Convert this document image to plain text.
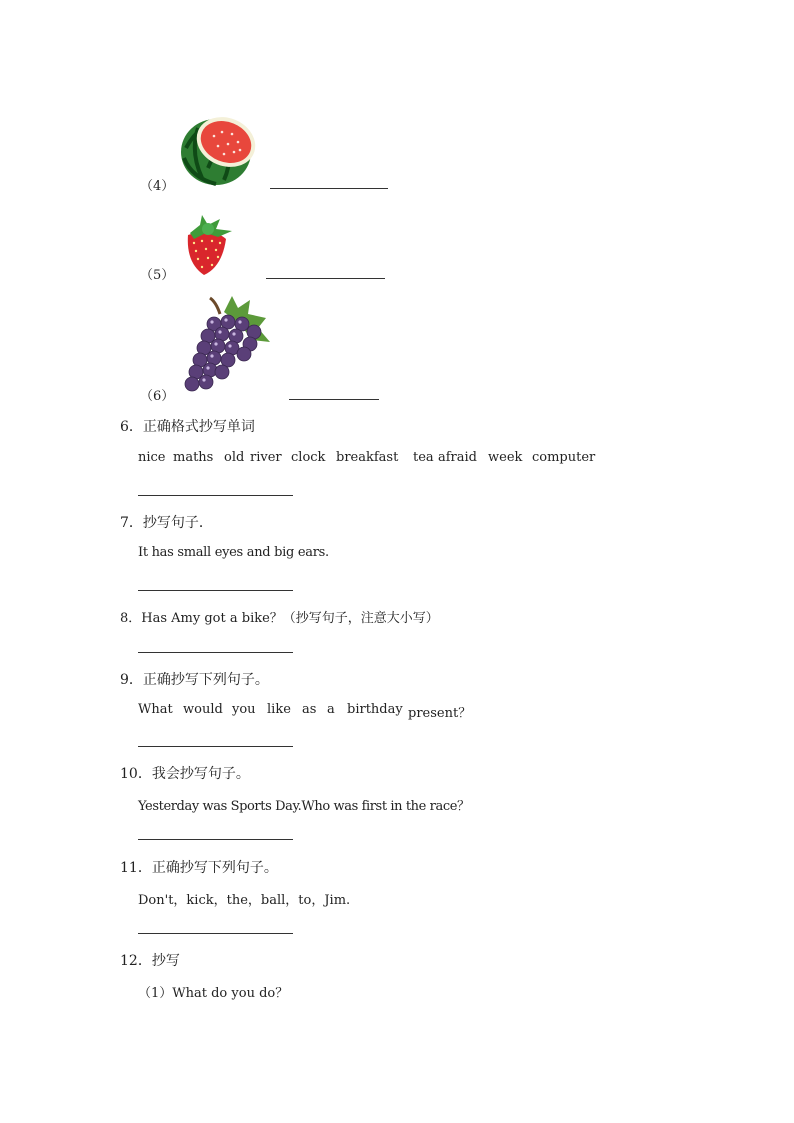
（4）
（5）
（6）
6．正确格式抄写单词
nice maths old river clock breakfast tea afraid week computer
7．抄写句子．
It has small eyes and big ears.
8．Has Amy got a bike？（抄写句子，注意大小写）
9．正确抄写下列句子。
What would you like as a birthday present？
10．我会抄写句子。
Yesterday was Sports Day.Who was first in the race？
11．正确抄写下列句子。
Don't，kick，the，ball，to，Jim.
12．抄写
（1）What do you do？
